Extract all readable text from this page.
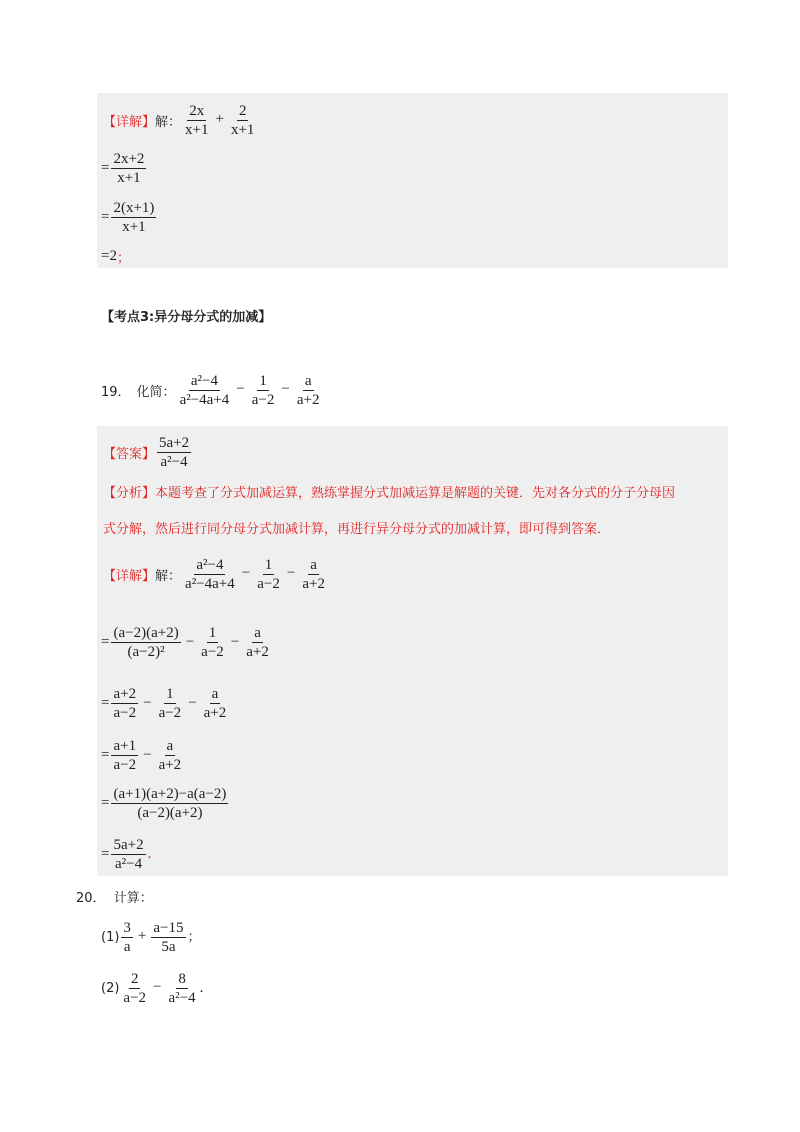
【详解】 解： $\frac{2x}{x+1} + \frac{2}{x+1}$
= $\frac{2x+2}{x+1}$
= $\frac{2(x+1)}{x+1}$
=2 ；
【考点3:异分母分式的加减】
19． 化简： $\frac{\text{a²−4}}{\text{a²−4a+4}} - \frac{1}{a-2} - \frac{a}{a+2}$
【答案】 $\frac{5a+2}{\text{a²−4}}$
【分析】本题考查了分式加减运算，熟练掌握分式加减运算是解题的关键．先对各分式的分子分母因
式分解，然后进行同分母分式加减计算，再进行异分母分式的加减计算，即可得到答案．
【详解】 解： $\frac{\text{a²−4}}{\text{a²−4a+4}} - \frac{1}{a-2} - \frac{a}{a+2}$
= $\frac{(a-2)(a+2)}{\text{(a−2)²}} - \frac{1}{a-2} - \frac{a}{a+2}$
= $\frac{a+2}{a-2} - \frac{1}{a-2} - \frac{a}{a+2}$
= $\frac{a+1}{a-2} - \frac{a}{a+2}$
= $\frac{(a+1)(a+2)-a(a-2)}{(a-2)(a+2)}$
= $\frac{5a+2}{\text{a²−4}}$ .
20． 计算：
$(1) \frac{3}{a} + \frac{a-15}{5a}$ ；
$(2) \frac{2}{a-2} - \frac{8}{\text{a²−4}}$ .
